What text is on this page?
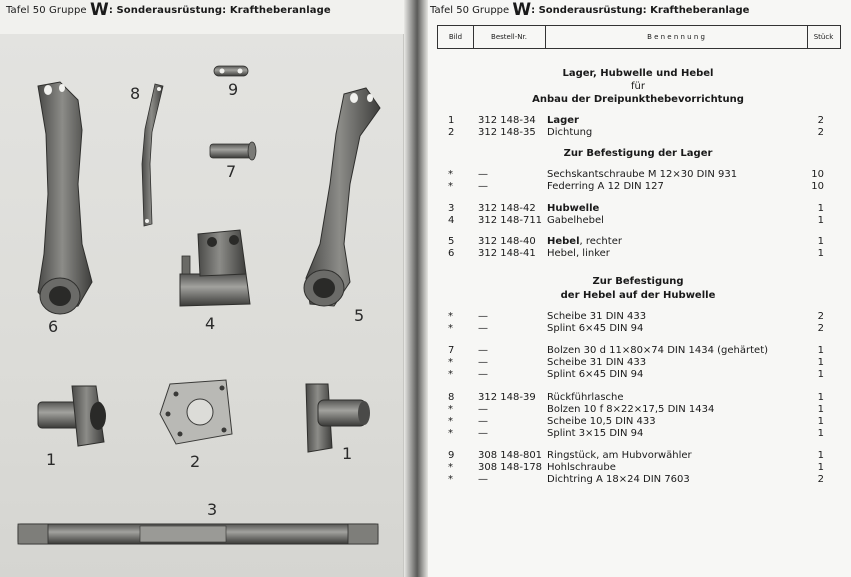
Tafel 50 Gruppe W: Sonderausrüstung: Kraftheberanlage
8	9
7
6	4	5
1	2	1
3
Tafel 50 Gruppe W: Sonderausrüstung: Kraftheberanlage
Bild	Bestell-Nr.	B e n e n n u n g	Stück
Lager, Hubwelle und Hebel
für
Anbau der Dreipunkthebevorrichtung
Zur Befestigung der Lager
Zur Befestigung
der Hebel auf der Hubwelle
1 312 148-34 Lager	2
2 312 148-35 Dichtung	2
*	—	Sechskantschraube M 12×30 DIN 931	10
*	—	Federring A 12 DIN 127	10
3 312 148-42 Hubwelle	1
4 312 148-711 Gabelhebel	1
5 312 148-40 Hebel, rechter	1
6 312 148-41 Hebel, linker	1
*	—	Scheibe 31 DIN 433	2
*	—	Splint 6×45 DIN 94	2
7 —	Bolzen 30 d 11×80×74 DIN 1434 (gehärtet)	1
*	—	Scheibe 31 DIN 433	1
*	—	Splint 6×45 DIN 94	1
8 312 148-39 Rückführlasche	1
*	—	Bolzen 10 f 8×22×17,5 DIN 1434	1
*	—	Scheibe 10,5 DIN 433	1
*	—	Splint 3×15 DIN 94	1
9 308 148-801 Ringstück, am Hubvorwähler	1
*	308 148-178 Hohlschraube	1
*	—	Dichtring A 18×24 DIN 7603	2
